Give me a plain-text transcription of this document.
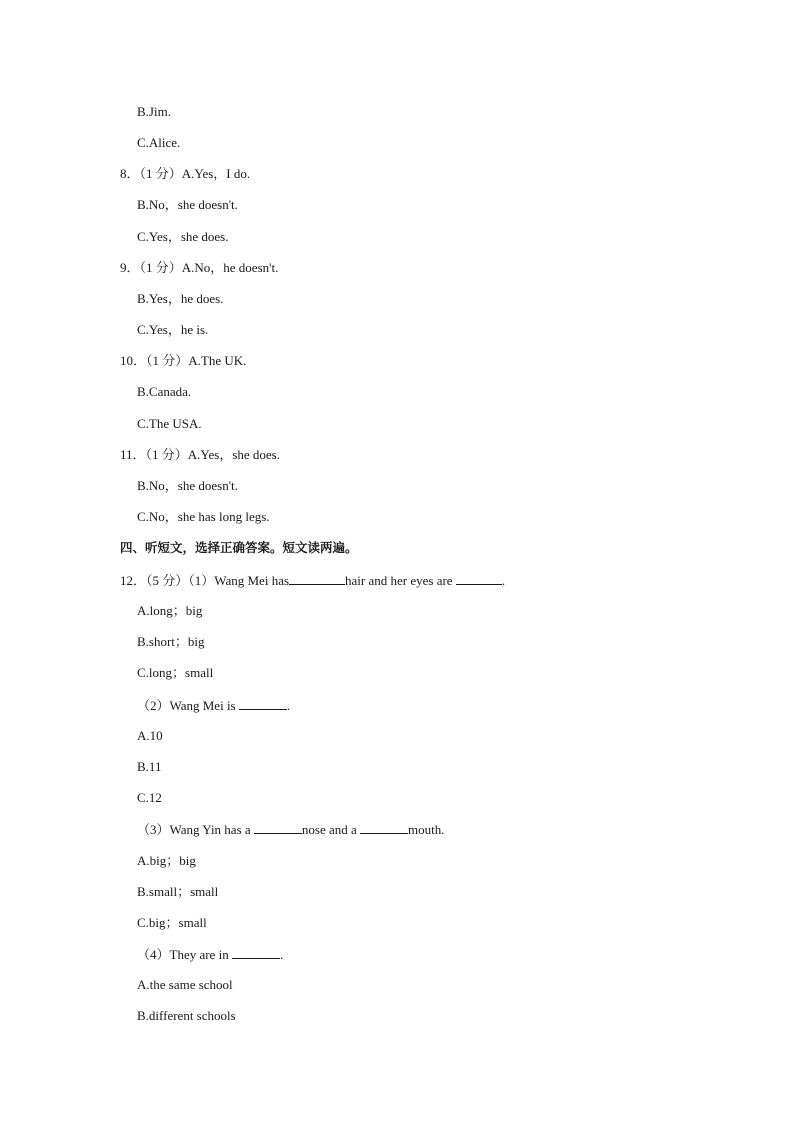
B.Jim.
C.Alice.
8．（1 分）A.Yes，I do.
B.No，she doesn't.
C.Yes，she does.
9．（1 分）A.No，he doesn't.
B.Yes，he does.
C.Yes，he is.
10．（1 分）A.The UK.
B.Canada.
C.The USA.
11．（1 分）A.Yes，she does.
B.No，she doesn't.
C.No，she has long legs.
四、听短文，选择正确答案。短文读两遍。
12．（5 分）（1）Wang Mei has	hair and her eyes are	.
A.long；big
B.short；big
C.long；small
（2）Wang Mei is	.
A.10
B.11
C.12
（3）Wang Yin has a	nose and a	mouth.
A.big；big
B.small；small
C.big；small
（4）They are in	.
A.the same school
B.different schools
